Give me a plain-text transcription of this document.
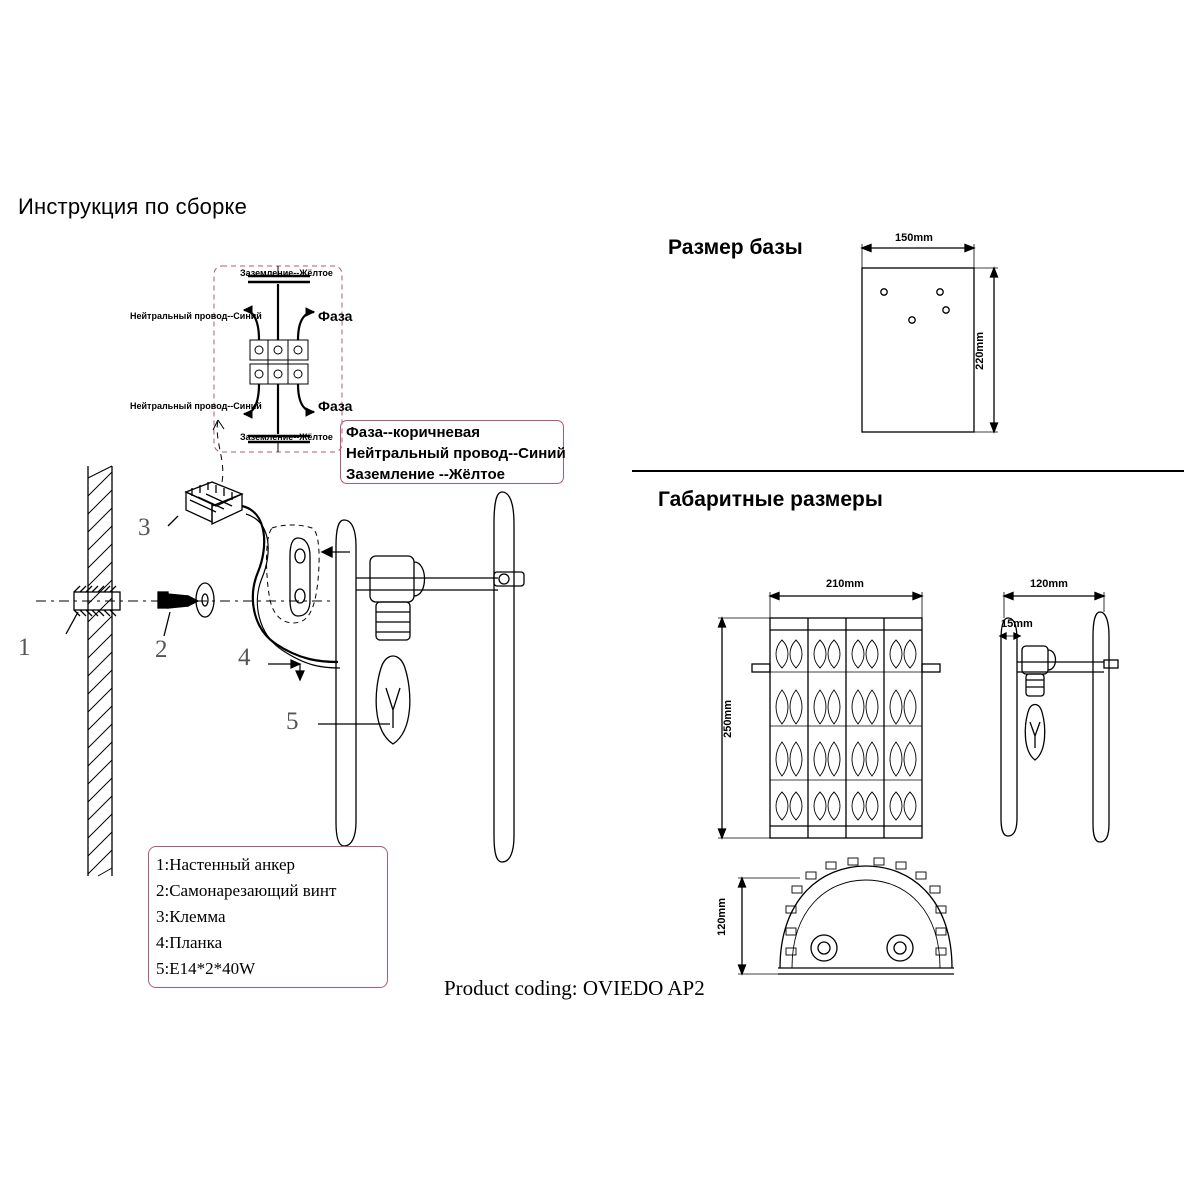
Инструкция по сборке
Размер базы
Габаритные размеры
Product coding: OVIEDO AP2
Заземление--Жёлтое
Нейтральный провод--Синий	Фаза
Нейтральный провод--Синий	Фаза
Заземление--Жёлтое Фаза--коричневая
Нейтральный провод--Синий
Заземление --Жёлтое
1	2
3
4
5
1:Настенный анкер
2:Самонарезающий винт
3:Клемма
4:Планка
5:E14*2*40W
150mm
220mm
210mm
250mm
120mm
15mm
120mm
